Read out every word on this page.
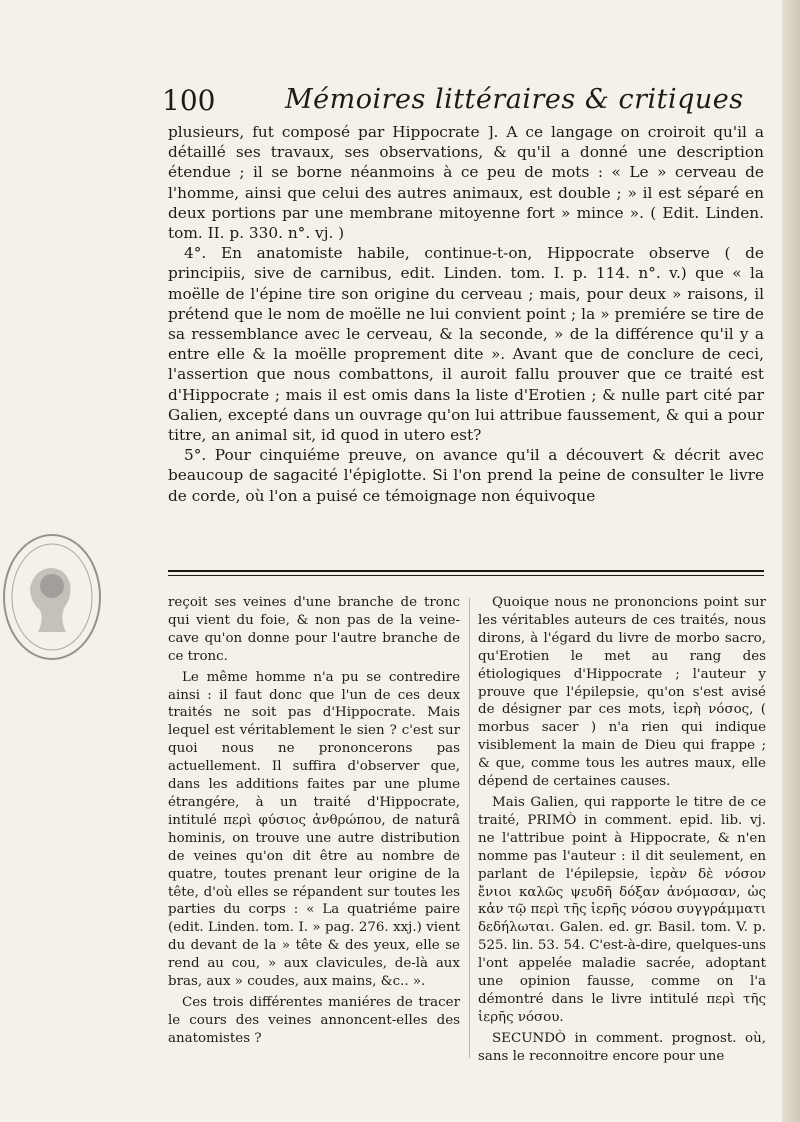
100	Mémoires littéraires & critiques

plusieurs, fut composé par Hippocrate ]. A ce langage on croiroit qu'il a détaillé ses travaux, ses observations, & qu'il a donné une description étendue ; il se borne néanmoins à ce peu de mots : « Le » cerveau de l'homme, ainsi que celui des autres animaux, est double ; » il est séparé en deux portions par une membrane mitoyenne fort » mince ». ( Edit. Linden. tom. II. p. 330. n°. vj. )

4°. En anatomiste habile, continue-t-on, Hippocrate observe ( de principiis, sive de carnibus, edit. Linden. tom. I. p. 114. n°. v.) que « la moëlle de l'épine tire son origine du cerveau ; mais, pour deux » raisons, il prétend que le nom de moëlle ne lui convient point ; la » premiére se tire de sa ressemblance avec le cerveau, & la seconde, » de la différence qu'il y a entre elle & la moëlle proprement dite ». Avant que de conclure de ceci, l'assertion que nous combattons, il auroit fallu prouver que ce traité est d'Hippocrate ; mais il est omis dans la liste d'Erotien ; & nulle part cité par Galien, excepté dans un ouvrage qu'on lui attribue faussement, & qui a pour titre, an animal sit, id quod in utero est?

5°. Pour cinquiéme preuve, on avance qu'il a découvert & décrit avec beaucoup de sagacité l'épiglotte. Si l'on prend la peine de consulter le livre de corde, où l'on a puisé ce témoignage non équivoque

reçoit ses veines d'une branche de tronc qui vient du foie, & non pas de la veine-cave qu'on donne pour l'autre branche de ce tronc.

Le même homme n'a pu se contredire ainsi : il faut donc que l'un de ces deux traités ne soit pas d'Hippocrate. Mais lequel est véritablement le sien ? c'est sur quoi nous ne prononcerons pas actuellement. Il suffira d'observer que, dans les additions faites par une plume étrangére, à un traité d'Hippocrate, intitulé περὶ φύσιος ἀνθρώπου, de naturâ hominis, on trouve une autre distribution de veines qu'on dit être au nombre de quatre, toutes prenant leur origine de la tête, d'où elles se répandent sur toutes les parties du corps : « La quatriéme paire (edit. Linden. tom. I. » pag. 276. xxj.) vient du devant de la » tête & des yeux, elle se rend au cou, » aux clavicules, de-là aux bras, aux » coudes, aux mains, &c.. ».

Ces trois différentes maniéres de tracer le cours des veines annoncent-elles des anatomistes ?

Quoique nous ne prononcions point sur les véritables auteurs de ces traités, nous dirons, à l'égard du livre de morbo sacro, qu'Erotien le met au rang des étiologiques d'Hippocrate ; l'auteur y prouve que l'épilepsie, qu'on s'est avisé de désigner par ces mots, ἱερὴ νόσος, ( morbus sacer ) n'a rien qui indique visiblement la main de Dieu qui frappe ; & que, comme tous les autres maux, elle dépend de certaines causes.

Mais Galien, qui rapporte le titre de ce traité, PRIMÒ in comment. epid. lib. vj. ne l'attribue point à Hippocrate, & n'en nomme pas l'auteur : il dit seulement, en parlant de l'épilepsie, ἱερὰν δὲ νόσον ἔνιοι καλῶς ψευδῆ δόξαν ἀνόμασαν, ὡς κἀν τῷ περὶ τῆς ἱερῆς νόσου συγγράμματι δεδήλωται. Galen. ed. gr. Basil. tom. V. p. 525. lin. 53. 54. C'est-à-dire, quelques-uns l'ont appelée maladie sacrée, adoptant une opinion fausse, comme on l'a démontré dans le livre intitulé περὶ τῆς ἱερῆς νόσου.

SECUNDÒ in comment. prognost. où, sans le reconnoitre encore pour une
